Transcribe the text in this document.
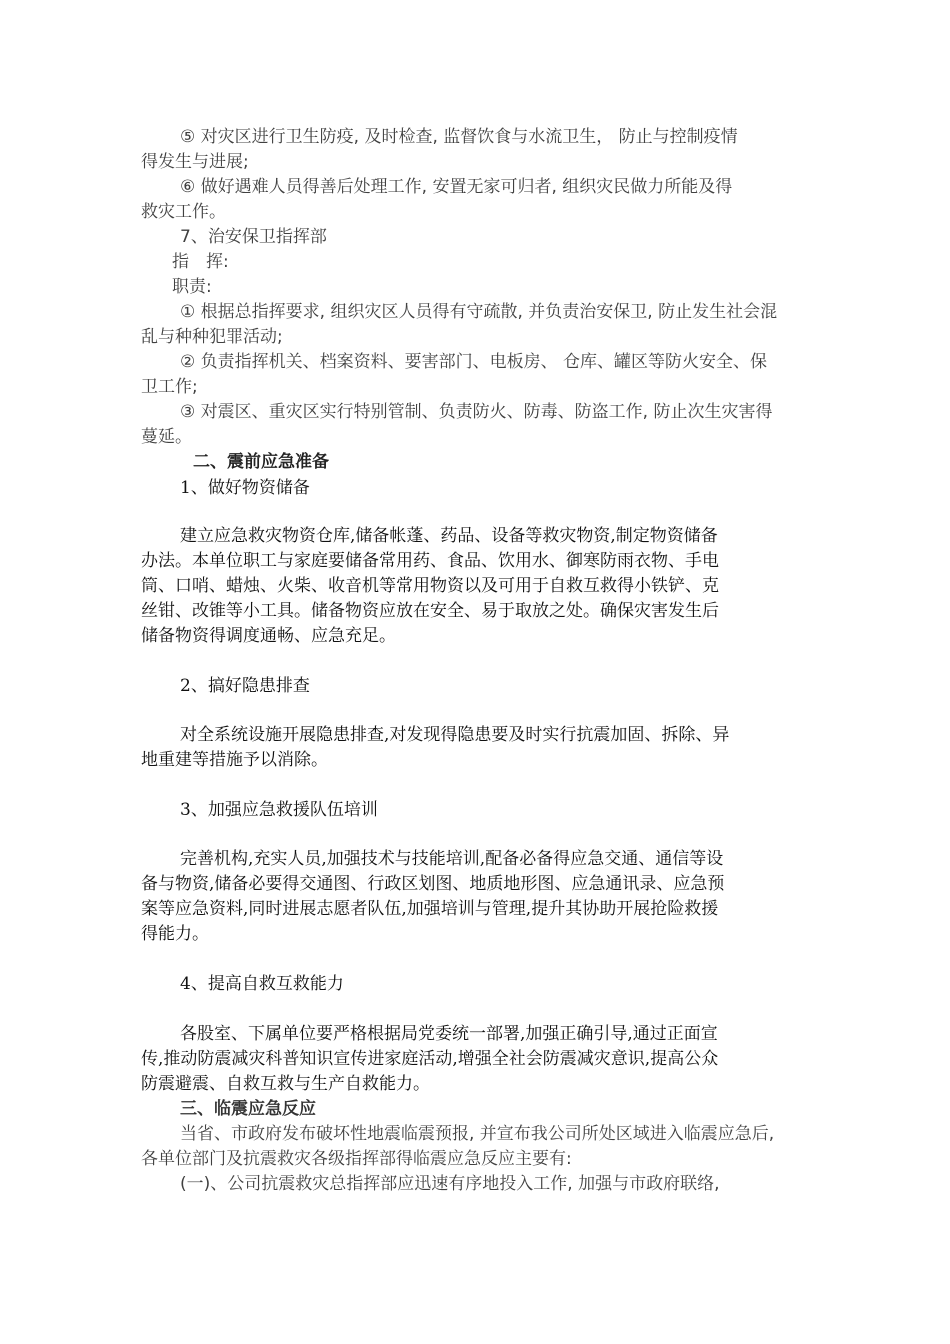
⑤ 对灾区进行卫生防疫, 及时检查, 监督饮食与水流卫生， 防止与控制疫情
得发生与进展;
⑥ 做好遇难人员得善后处理工作, 安置无家可归者, 组织灾民做力所能及得
救灾工作。
7、治安保卫指挥部
指　挥:
职责:
① 根据总指挥要求, 组织灾区人员得有守疏散, 并负责治安保卫, 防止发生社会混
乱与种种犯罪活动;
② 负责指挥机关、档案资料、要害部门、电板房、 仓库、罐区等防火安全、保
卫工作;
③ 对震区、重灾区实行特别管制、负责防火、防毒、防盗工作, 防止次生灾害得
蔓延。
二、震前应急准备
1、做好物资储备
建立应急救灾物资仓库,储备帐蓬、药品、设备等救灾物资,制定物资储备
办法。本单位职工与家庭要储备常用药、食品、饮用水、御寒防雨衣物、手电
筒、口哨、蜡烛、火柴、收音机等常用物资以及可用于自救互救得小铁铲、克
丝钳、改锥等小工具。储备物资应放在安全、易于取放之处。确保灾害发生后
储备物资得调度通畅、应急充足。
2、搞好隐患排查
对全系统设施开展隐患排查,对发现得隐患要及时实行抗震加固、拆除、异
地重建等措施予以消除。
3、加强应急救援队伍培训
完善机构,充实人员,加强技术与技能培训,配备必备得应急交通、通信等设
备与物资,储备必要得交通图、行政区划图、地质地形图、应急通讯录、应急预
案等应急资料,同时进展志愿者队伍,加强培训与管理,提升其协助开展抢险救援
得能力。
4、提高自救互救能力
各股室、下属单位要严格根据局党委统一部署,加强正确引导,通过正面宣
传,推动防震减灾科普知识宣传进家庭活动,增强全社会防震减灾意识,提高公众
防震避震、自救互救与生产自救能力。
三、临震应急反应
当省、市政府发布破坏性地震临震预报, 并宣布我公司所处区域进入临震应急后,
各单位部门及抗震救灾各级指挥部得临震应急反应主要有:
(一)、公司抗震救灾总指挥部应迅速有序地投入工作, 加强与市政府联络,
